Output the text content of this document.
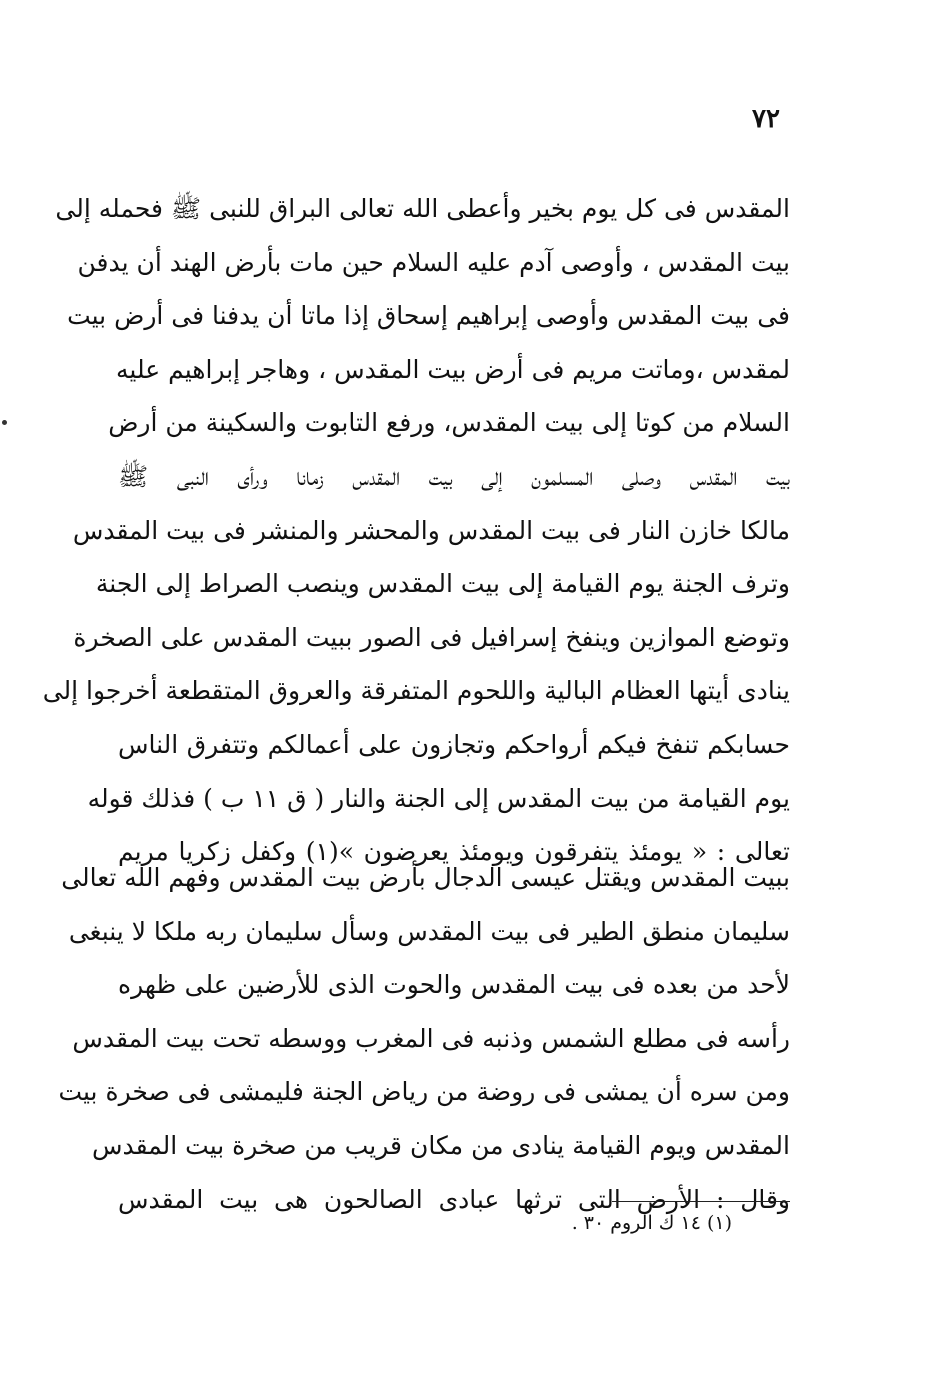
٧٢
المقدس فى كل يوم بخير وأعطى الله تعالى البراق للنبى ﷺ فحمله إلى
بيت المقدس ، وأوصى آدم عليه السلام حين مات بأرض الهند أن يدفن
فى بيت المقدس وأوصى إبراهيم إسحاق إذا ماتا أن يدفنا فى أرض بيت
لمقدس ،وماتت مريم فى أرض بيت المقدس ، وهاجر إبراهيم عليه
السلام من كوتا إلى بيت المقدس، ورفع التابوت والسكينة من أرض
بيت المقدس وصلى المسلمون إلى بيت المقدس زمانا ورأى النبى ﷺ
مالكا خازن النار فى بيت المقدس والمحشر والمنشر فى بيت المقدس
وترف الجنة يوم القيامة إلى بيت المقدس وينصب الصراط إلى الجنة
وتوضع الموازين وينفخ إسرافيل فى الصور ببيت المقدس على الصخرة
ينادى أيتها العظام البالية واللحوم المتفرقة والعروق المتقطعة أخرجوا إلى
حسابكم تنفخ فيكم أرواحكم وتجازون على أعمالكم وتتفرق الناس
يوم القيامة من بيت المقدس إلى الجنة والنار ( ق ١١ ب ) فذلك قوله
تعالى : « يومئذ يتفرقون ويومئذ يعرضون »(١) وكفل زكريا مريم
ببيت المقدس ويقتل عيسى الدجال بأرض بيت المقدس وفهم الله تعالى
سليمان منطق الطير فى بيت المقدس وسأل سليمان ربه ملكا لا ينبغى
لأحد من بعده فى بيت المقدس والحوت الذى للأرضين على ظهره
رأسه فى مطلع الشمس وذنبه فى المغرب ووسطه تحت بيت المقدس
ومن سره أن يمشى فى روضة من رياض الجنة فليمشى فى صخرة بيت
المقدس ويوم القيامة ينادى من مكان قريب من صخرة بيت المقدس
وقال : الأرض التى ترثها عبادى الصالحون هى بيت المقدس
(١) ١٤ ك الروم ٣٠ .
